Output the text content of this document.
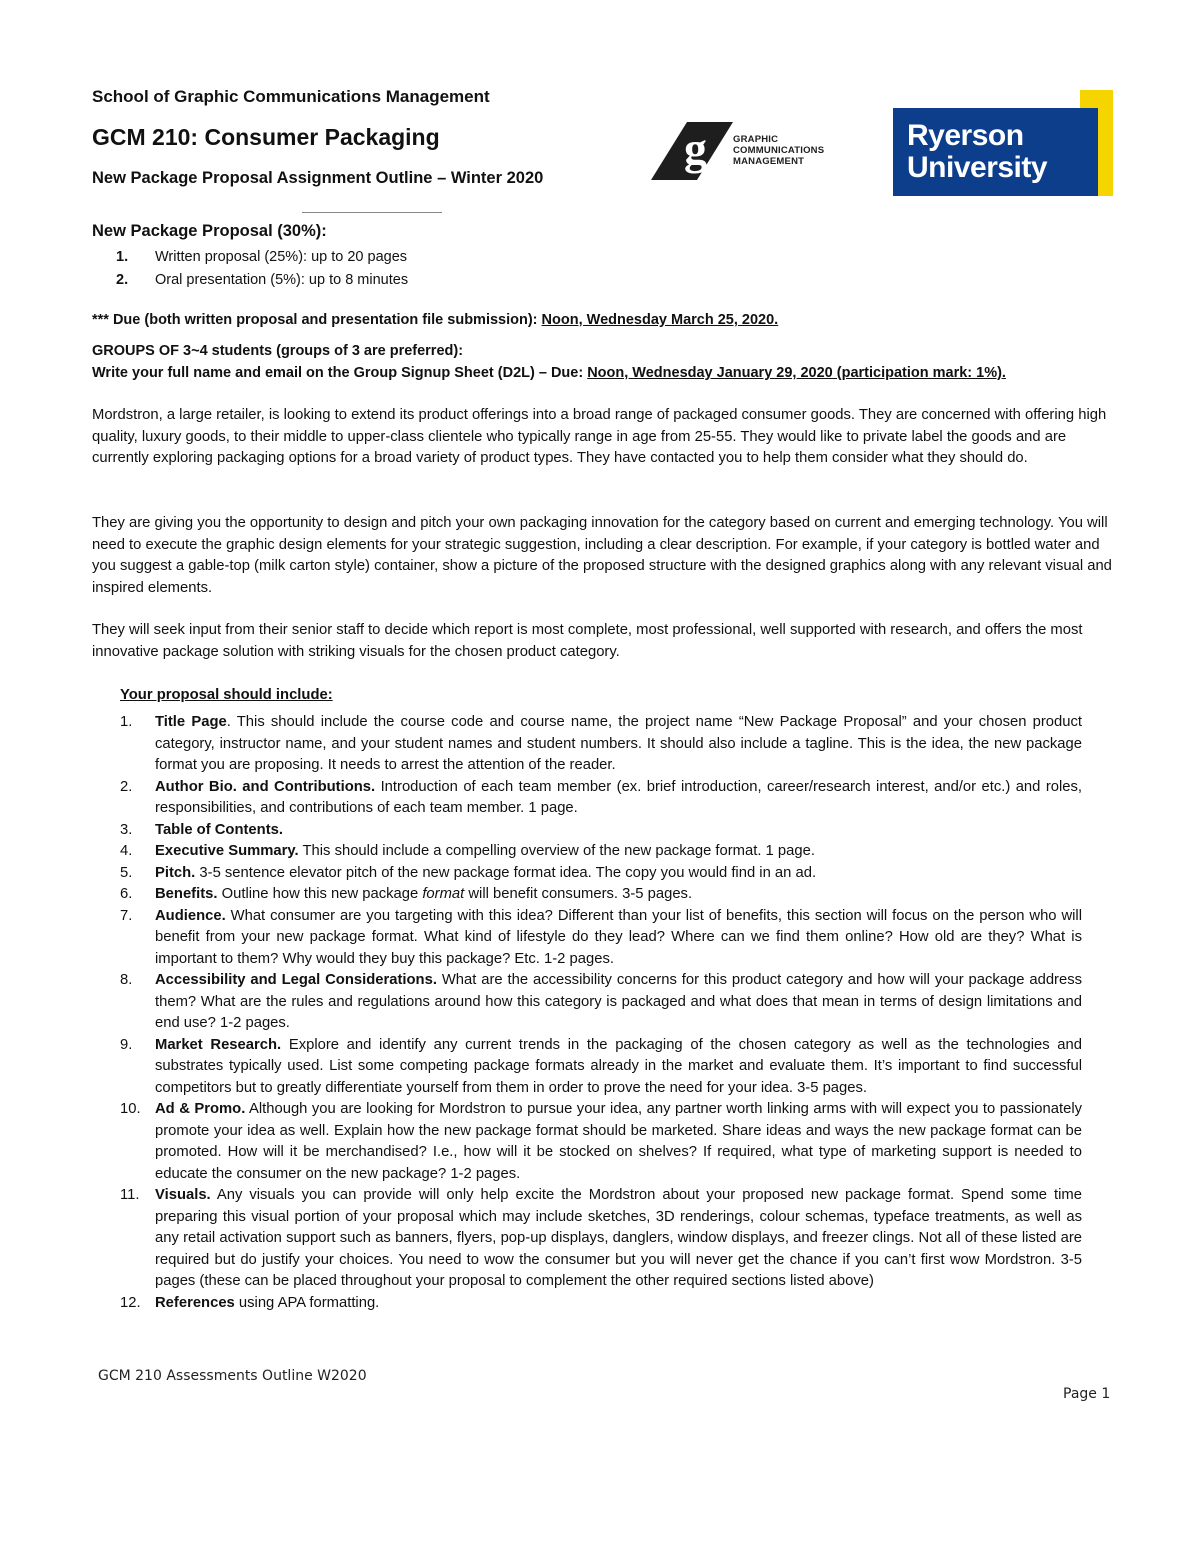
School of Graphic Communications Management
GCM 210: Consumer Packaging
New Package Proposal Assignment Outline – Winter 2020
g	GRAPHIC
COMMUNICATIONS
MANAGEMENT
Ryerson
University
New Package Proposal (30%):
1. Written proposal (25%): up to 20 pages
2. Oral presentation (5%): up to 8 minutes
*** Due (both written proposal and presentation file submission): Noon, Wednesday March 25, 2020.
GROUPS OF 3~4 students (groups of 3 are preferred):
Write your full name and email on the Group Signup Sheet (D2L) – Due: Noon, Wednesday January 29, 2020 (participation mark: 1%).
Mordstron, a large retailer, is looking to extend its product offerings into a broad range of packaged consumer goods. They are concerned with offering high quality, luxury goods, to their middle to upper-class clientele who typically range in age from 25-55. They would like to private label the goods and are currently exploring packaging options for a broad variety of product types. They have contacted you to help them consider what they should do.
They are giving you the opportunity to design and pitch your own packaging innovation for the category based on current and emerging technology. You will need to execute the graphic design elements for your strategic suggestion, including a clear description. For example, if your category is bottled water and you suggest a gable-top (milk carton style) container, show a picture of the proposed structure with the designed graphics along with any relevant visual and inspired elements.
They will seek input from their senior staff to decide which report is most complete, most professional, well supported with research, and offers the most innovative package solution with striking visuals for the chosen product category.
Your proposal should include:
1.	Title Page. This should include the course code and course name, the project name “New Package Proposal” and your chosen product category, instructor name, and your student names and student numbers. It should also include a tagline. This is the idea, the new package format you are proposing. It needs to arrest the attention of the reader.
2.	Author Bio. and Contributions. Introduction of each team member (ex. brief introduction, career/research interest, and/or etc.) and roles, responsibilities, and contributions of each team member. 1 page.
3.	Table of Contents.
4.	Executive Summary. This should include a compelling overview of the new package format. 1 page.
5.	Pitch. 3-5 sentence elevator pitch of the new package format idea. The copy you would find in an ad.
6.	Benefits. Outline how this new package format will benefit consumers. 3-5 pages.
7.	Audience. What consumer are you targeting with this idea? Different than your list of benefits, this section will focus on the person who will benefit from your new package format. What kind of lifestyle do they lead? Where can we find them online? How old are they? What is important to them? Why would they buy this package? Etc. 1-2 pages.
8.	Accessibility and Legal Considerations. What are the accessibility concerns for this product category and how will your package address them? What are the rules and regulations around how this category is packaged and what does that mean in terms of design limitations and end use? 1-2 pages.
9.	Market Research. Explore and identify any current trends in the packaging of the chosen category as well as the technologies and substrates typically used. List some competing package formats already in the market and evaluate them. It’s important to find successful competitors but to greatly differentiate yourself from them in order to prove the need for your idea. 3-5 pages.
10. Ad & Promo. Although you are looking for Mordstron to pursue your idea, any partner worth linking arms with will expect you to passionately promote your idea as well. Explain how the new package format should be marketed. Share ideas and ways the new package format can be promoted. How will it be merchandised? I.e., how will it be stocked on shelves? If required, what type of marketing support is needed to educate the consumer on the new package? 1-2 pages.
11.	Visuals. Any visuals you can provide will only help excite the Mordstron about your proposed new package format. Spend some time preparing this visual portion of your proposal which may include sketches, 3D renderings, colour schemas, typeface treatments, as well as any retail activation support such as banners, flyers, pop-up displays, danglers, window displays, and freezer clings. Not all of these listed are required but do justify your choices. You need to wow the consumer but you will never get the chance if you can’t first wow Mordstron. 3-5 pages (these can be placed throughout your proposal to complement the other required sections listed above)
12. References using APA formatting.
GCM 210 Assessments Outline W2020
Page 1
